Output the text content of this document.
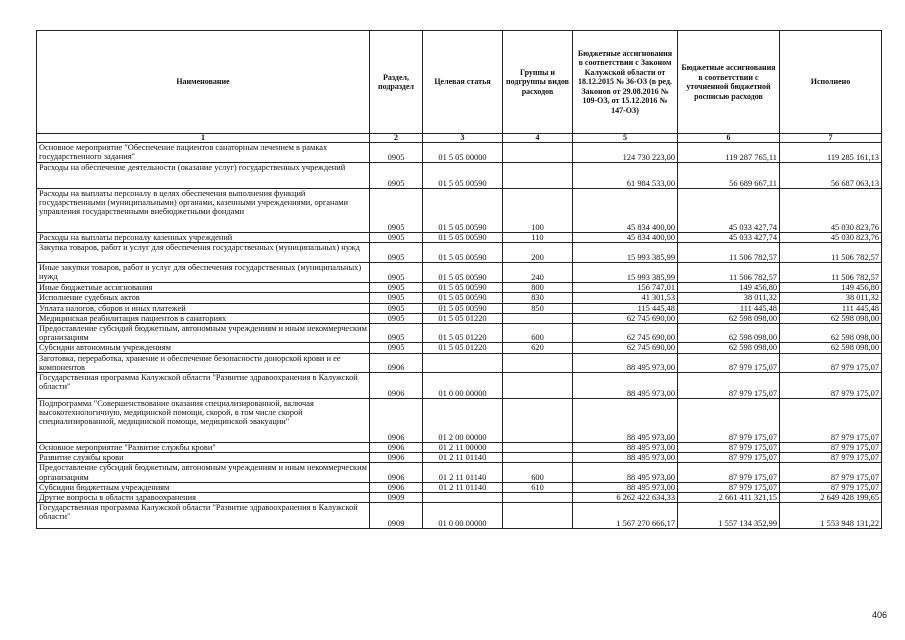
Наименование	Раздел, подраздел	Целевая статья	Группы и подгруппы видов расходов	Бюджетные ассигнования в соответствии с Законом Калужской области от 18.12.2015 № 36-ОЗ (в ред. Законов от 29.08.2016 № 109-ОЗ, от 15.12.2016 № 147-ОЗ)	Бюджетные ассигнования в соответствии с уточненной бюджетной росписью расходов	Исполнено
1	2	3	4	5	6	7
Основное мероприятие "Обеспечение пациентов санаторным лечением в рамках государственного задания"	0905	01 5 05 00000		124 730 223,00	119 287 765,11	119 285 161,13
Расходы на обеспечение деятельности (оказание услуг) государственных учреждений	0905	01 5 05 00590		61 984 533,00	56 689 667,11	56 687 063,13
Расходы на выплаты персоналу в целях обеспечения выполнения функций государственными (муниципальными) органами, казенными учреждениями, органами управления государственными внебюджетными фондами	0905	01 5 05 00590	100	45 834 400,00	45 033 427,74	45 030 823,76
Расходы на выплаты персоналу казенных учреждений	0905	01 5 05 00590	110	45 834 400,00	45 033 427,74	45 030 823,76
Закупка товаров, работ и услуг для обеспечения государственных (муниципальных) нужд	0905	01 5 05 00590	200	15 993 385,99	11 506 782,57	11 506 782,57
Иные закупки товаров, работ и услуг для обеспечения государственных (муниципальных) нужд	0905	01 5 05 00590	240	15 993 385,99	11 506 782,57	11 506 782,57
Иные бюджетные ассигнования	0905	01 5 05 00590	800	156 747,01	149 456,80	149 456,80
Исполнение судебных актов	0905	01 5 05 00590	830	41 301,53	38 011,32	38 011,32
Уплата налогов, сборов и иных платежей	0905	01 5 05 00590	850	115 445,48	111 445,48	111 445,48
Медицинская реабилитация пациентов в санаториях	0905	01 5 05 01220		62 745 690,00	62 598 098,00	62 598 098,00
Предоставление субсидий бюджетным, автономным учреждениям и иным некоммерческим организациям	0905	01 5 05 01220	600	62 745 690,00	62 598 098,00	62 598 098,00
Субсидии автономным учреждениям	0905	01 5 05 01220	620	62 745 690,00	62 598 098,00	62 598 098,00
Заготовка, переработка, хранение и обеспечение безопасности донорской крови и ее компонентов	0906			88 495 973,00	87 979 175,07	87 979 175,07
Государственная программа Калужской области "Развитие здравоохранения в Калужской области"	0906	01 0 00 00000		88 495 973,00	87 979 175,07	87 979 175,07
Подпрограмма "Совершенствование оказания специализированной, включая высокотехнологичную, медицинской помощи, скорой, в том числе скорой специализированной, медицинской помощи, медицинской эвакуации"	0906	01 2 00 00000		88 495 973,00	87 979 175,07	87 979 175,07
Основное мероприятие "Развитие службы крови"	0906	01 2 11 00000		88 495 973,00	87 979 175,07	87 979 175,07
Развитие службы крови	0906	01 2 11 01140		88 495 973,00	87 979 175,07	87 979 175,07
Предоставление субсидий бюджетным, автономным учреждениям и иным некоммерческим организациям	0906	01 2 11 01140	600	88 495 973,00	87 979 175,07	87 979 175,07
Субсидии бюджетным учреждениям	0906	01 2 11 01140	610	88 495 973,00	87 979 175,07	87 979 175,07
Другие вопросы в области здравоохранения	0909			6 262 422 634,33	2 661 411 321,15	2 649 428 199,65
Государственная программа Калужской области "Развитие здравоохранения в Калужской области"	0909	01 0 00 00000		1 567 270 666,17	1 557 134 352,99	1 553 948 131,22
406
